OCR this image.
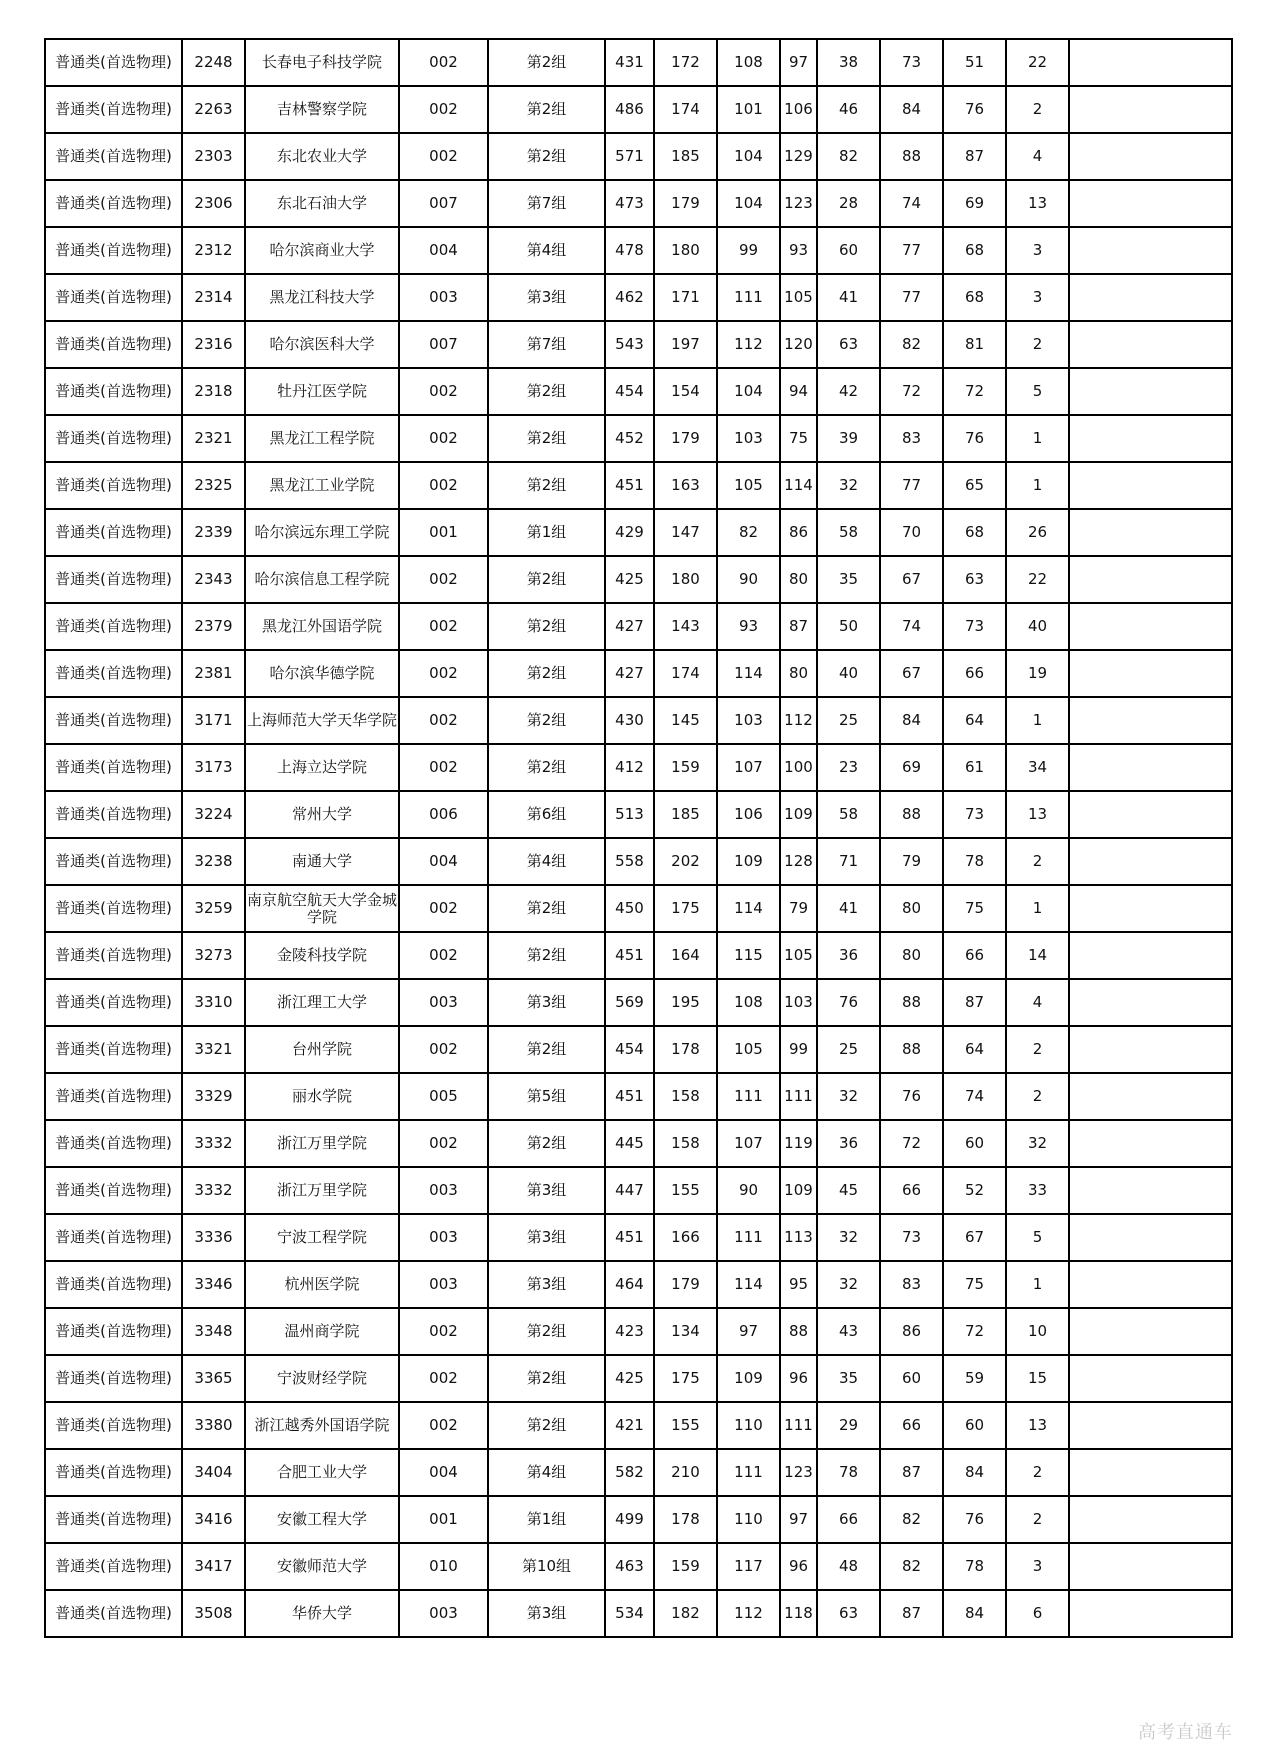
普通类(首选物理)	2248	长春电子科技学院	002	第2组	431	172	108	97	38	73	51	22	
普通类(首选物理)	2263	吉林警察学院	002	第2组	486	174	101	106	46	84	76	2	
普通类(首选物理)	2303	东北农业大学	002	第2组	571	185	104	129	82	88	87	4	
普通类(首选物理)	2306	东北石油大学	007	第7组	473	179	104	123	28	74	69	13	
普通类(首选物理)	2312	哈尔滨商业大学	004	第4组	478	180	99	93	60	77	68	3	
普通类(首选物理)	2314	黑龙江科技大学	003	第3组	462	171	111	105	41	77	68	3	
普通类(首选物理)	2316	哈尔滨医科大学	007	第7组	543	197	112	120	63	82	81	2	
普通类(首选物理)	2318	牡丹江医学院	002	第2组	454	154	104	94	42	72	72	5	
普通类(首选物理)	2321	黑龙江工程学院	002	第2组	452	179	103	75	39	83	76	1	
普通类(首选物理)	2325	黑龙江工业学院	002	第2组	451	163	105	114	32	77	65	1	
普通类(首选物理)	2339	哈尔滨远东理工学院	001	第1组	429	147	82	86	58	70	68	26	
普通类(首选物理)	2343	哈尔滨信息工程学院	002	第2组	425	180	90	80	35	67	63	22	
普通类(首选物理)	2379	黑龙江外国语学院	002	第2组	427	143	93	87	50	74	73	40	
普通类(首选物理)	2381	哈尔滨华德学院	002	第2组	427	174	114	80	40	67	66	19	
普通类(首选物理)	3171	上海师范大学天华学院	002	第2组	430	145	103	112	25	84	64	1	
普通类(首选物理)	3173	上海立达学院	002	第2组	412	159	107	100	23	69	61	34	
普通类(首选物理)	3224	常州大学	006	第6组	513	185	106	109	58	88	73	13	
普通类(首选物理)	3238	南通大学	004	第4组	558	202	109	128	71	79	78	2	
普通类(首选物理)	3259	南京航空航天大学金城学院	002	第2组	450	175	114	79	41	80	75	1	
普通类(首选物理)	3273	金陵科技学院	002	第2组	451	164	115	105	36	80	66	14	
普通类(首选物理)	3310	浙江理工大学	003	第3组	569	195	108	103	76	88	87	4	
普通类(首选物理)	3321	台州学院	002	第2组	454	178	105	99	25	88	64	2	
普通类(首选物理)	3329	丽水学院	005	第5组	451	158	111	111	32	76	74	2	
普通类(首选物理)	3332	浙江万里学院	002	第2组	445	158	107	119	36	72	60	32	
普通类(首选物理)	3332	浙江万里学院	003	第3组	447	155	90	109	45	66	52	33	
普通类(首选物理)	3336	宁波工程学院	003	第3组	451	166	111	113	32	73	67	5	
普通类(首选物理)	3346	杭州医学院	003	第3组	464	179	114	95	32	83	75	1	
普通类(首选物理)	3348	温州商学院	002	第2组	423	134	97	88	43	86	72	10	
普通类(首选物理)	3365	宁波财经学院	002	第2组	425	175	109	96	35	60	59	15	
普通类(首选物理)	3380	浙江越秀外国语学院	002	第2组	421	155	110	111	29	66	60	13	
普通类(首选物理)	3404	合肥工业大学	004	第4组	582	210	111	123	78	87	84	2	
普通类(首选物理)	3416	安徽工程大学	001	第1组	499	178	110	97	66	82	76	2	
普通类(首选物理)	3417	安徽师范大学	010	第10组	463	159	117	96	48	82	78	3	
普通类(首选物理)	3508	华侨大学	003	第3组	534	182	112	118	63	87	84	6	
高考直通车
